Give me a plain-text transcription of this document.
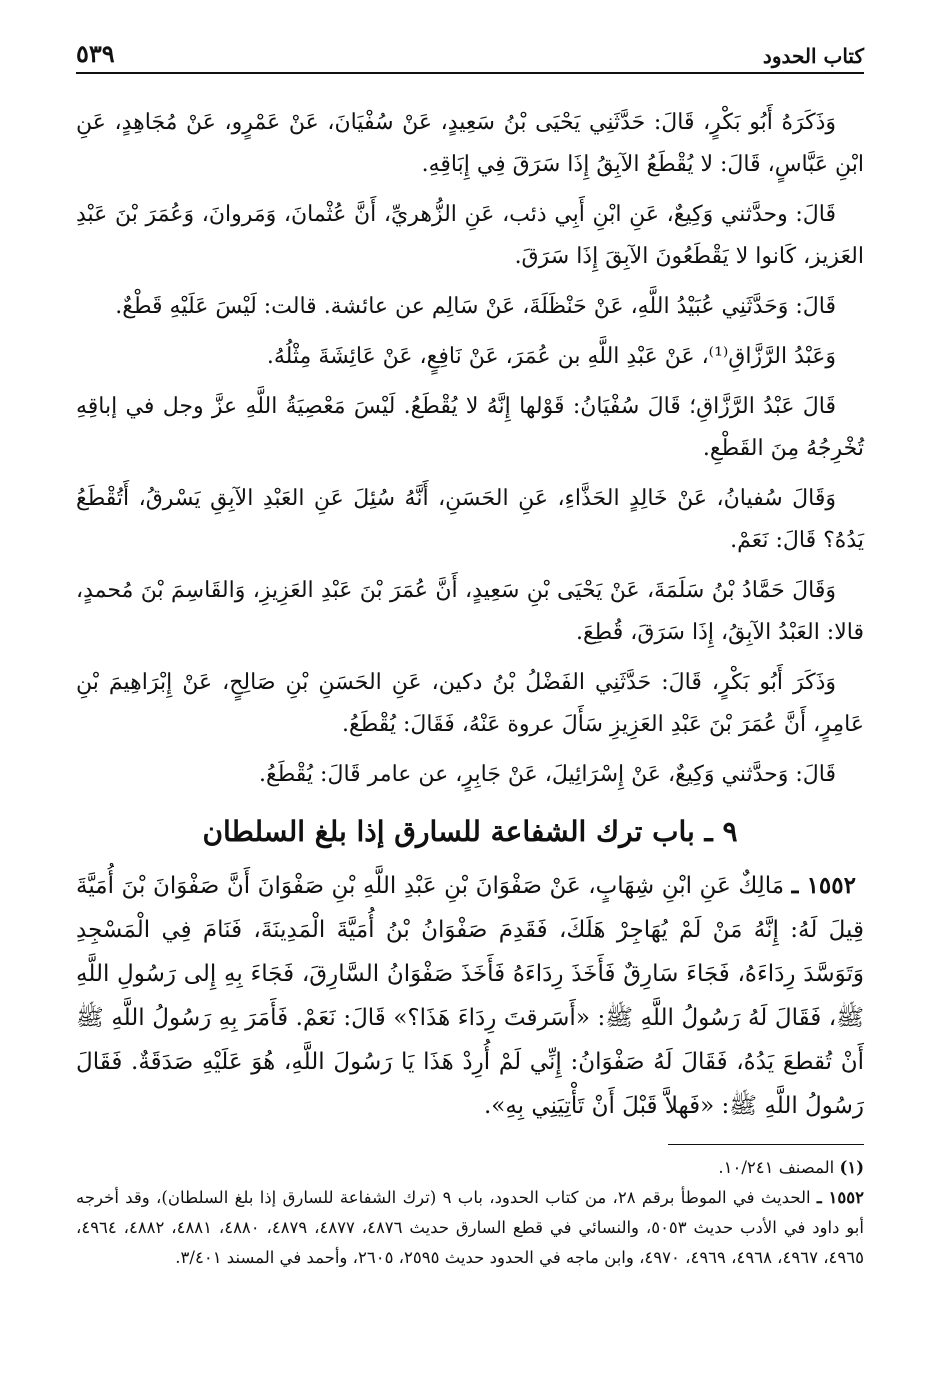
كتاب الحدود
٥٣٩

وَذَكَرَهُ أَبُو بَكْرٍ، قَالَ: حَدَّثَنِي يَحْيَى بْنُ سَعِيدٍ، عَنْ سُفْيَانَ، عَنْ عَمْرٍو، عَنْ مُجَاهِدٍ، عَنِ ابْنِ عَبَّاسٍ، قَالَ: لا يُقْطَعُ الآبِقُ إِذَا سَرَقَ فِي إِبَاقِهِ.

قَالَ: وحدَّثني وَكِيعٌ، عَنِ ابْنِ أَبِي ذئب، عَنِ الزُّهريِّ، أَنَّ عُثْمانَ، وَمَروانَ، وَعُمَرَ بْنَ عَبْدِ العَزيز، كَانوا لا يَقْطَعُونَ الآبِقَ إِذَا سَرَقَ.

قَالَ: وَحَدَّثَنِي عُبَيْدُ اللَّهِ، عَنْ حَنْظَلَةَ، عَنْ سَالِم عن عائشة. قالت: لَيْسَ عَلَيْهِ قَطْعٌ.

وَعَبْدُ الرَّزَّاقِ⁽¹⁾، عَنْ عَبْدِ اللَّهِ بن عُمَرَ، عَنْ نَافِعٍ، عَنْ عَائِشَةَ مِثْلُهُ.

قَالَ عَبْدُ الرَّزَّاقِ؛ قَالَ سُفْيَانُ: قَوْلها إِنَّهُ لا يُقْطَعُ. لَيْسَ مَعْصِيَةُ اللَّهِ عزَّ وجل في إباقِهِ تُخْرِجُهُ مِنَ القَطْعِ.

وَقَالَ سُفيانُ، عَنْ خَالِدٍ الحَذَّاءِ، عَنِ الحَسَنِ، أَنَّهُ سُئِلَ عَنِ العَبْدِ الآبِقِ يَسْرقُ، أَتُقْطَعُ يَدُهُ؟ قَالَ: نَعَمْ.

وَقَالَ حَمَّادُ بْنُ سَلَمَةَ، عَنْ يَحْيَى بْنِ سَعِيدٍ، أَنَّ عُمَرَ بْنَ عَبْدِ العَزِيزِ، وَالقَاسِمَ بْنَ مُحمدٍ، قالا: العَبْدُ الآبِقُ، إِذَا سَرَقَ، قُطِعَ.

وَذَكَرَ أَبُو بَكْرٍ، قَالَ: حَدَّثَنِي الفَضْلُ بْنُ دكين، عَنِ الحَسَنِ بْنِ صَالِحٍ، عَنْ إِبْرَاهِيمَ بْنِ عَامِرٍ، أَنَّ عُمَرَ بْنَ عَبْدِ العَزِيزِ سَأَلَ عروة عَنْهُ، فَقَالَ: يُقْطَعُ.

قَالَ: وَحدَّثني وَكِيعٌ، عَنْ إِسْرَائِيلَ، عَنْ جَابِرٍ، عن عامر قَالَ: يُقْطَعُ.

٩ ـ باب ترك الشفاعة للسارق إذا بلغ السلطان

١٥٥٢ ـ مَالِكٌ عَنِ ابْنِ شِهَابٍ، عَنْ صَفْوَانَ بْنِ عَبْدِ اللَّهِ بْنِ صَفْوَانَ أَنَّ صَفْوَانَ بْنَ أُمَيَّةَ قِيلَ لَهُ: إِنَّهُ مَنْ لَمْ يُهَاجِرْ هَلَكَ، فَقَدِمَ صَفْوَانُ بْنُ أُمَيَّةَ الْمَدِينَةَ، فَنَامَ فِي الْمَسْجِدِ وَتَوَسَّدَ رِدَاءَهُ، فَجَاءَ سَارِقٌ فَأَخَذَ رِدَاءَهُ فَأَخَذَ صَفْوَانُ السَّارِقَ، فَجَاءَ بِهِ إِلى رَسُولِ اللَّهِ ﷺ، فَقَالَ لَهُ رَسُولُ اللَّهِ ﷺ: «أَسَرقتَ رِدَاءَ هَذَا؟» قَالَ: نَعَمْ. فَأَمَرَ بِهِ رَسُولُ اللَّهِ ﷺ أَنْ تُقطعَ يَدُهُ، فَقَالَ لَهُ صَفْوَانُ: إِنِّي لَمْ أُرِدْ هَذَا يَا رَسُولَ اللَّهِ، هُوَ عَلَيْهِ صَدَقَةٌ. فَقَالَ رَسُولُ اللَّهِ ﷺ: «فَهلاَّ قَبْلَ أَنْ تَأْتِيَنِي بِهِ».

(١) المصنف ١٠/٢٤١.

١٥٥٢ ـ الحديث في الموطأ برقم ٢٨، من كتاب الحدود، باب ٩ (ترك الشفاعة للسارق إذا بلغ السلطان)، وقد أخرجه أبو داود في الأدب حديث ٥٠٥٣، والنسائي في قطع السارق حديث ٤٨٧٦، ٤٨٧٧، ٤٨٧٩، ٤٨٨٠، ٤٨٨١، ٤٨٨٢، ٤٩٦٤، ٤٩٦٥، ٤٩٦٧، ٤٩٦٨، ٤٩٦٩، ٤٩٧٠، وابن ماجه في الحدود حديث ٢٥٩٥، ٢٦٠٥، وأحمد في المسند ٣/٤٠١.
